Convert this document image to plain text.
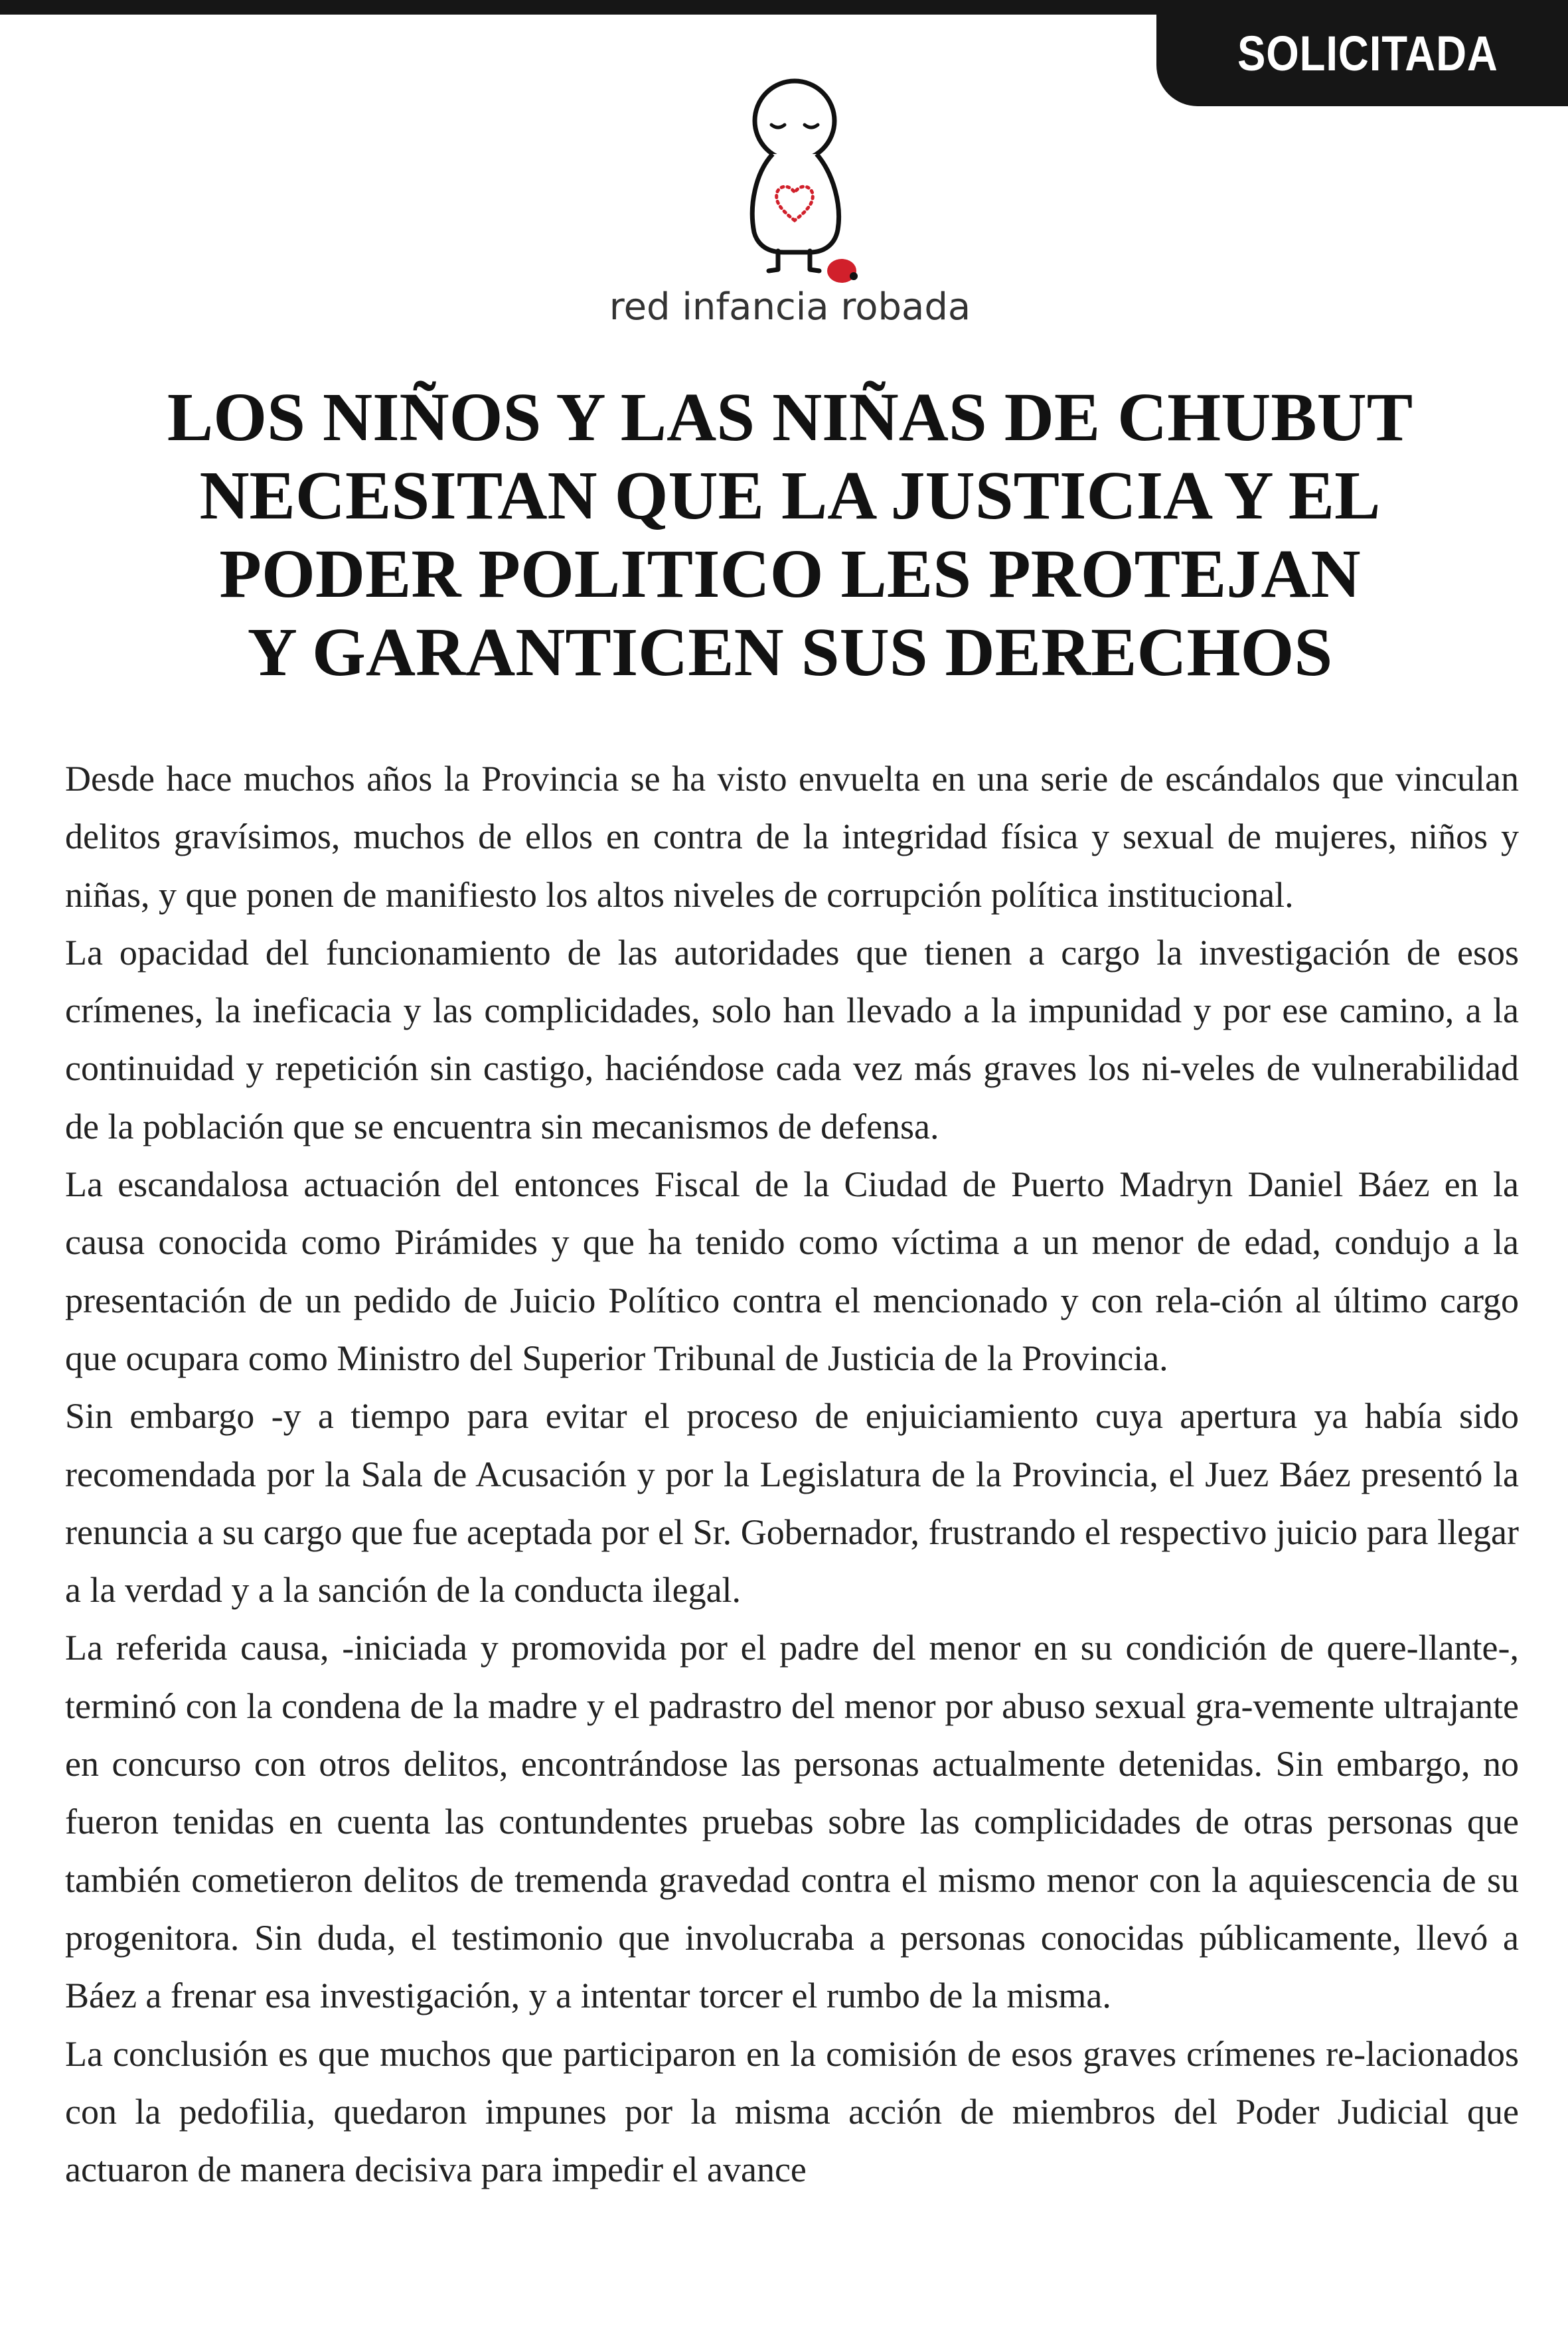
SOLICITADA
red infancia robada
LOS NIÑOS Y LAS NIÑAS DE CHUBUT
NECESITAN QUE LA JUSTICIA Y EL
PODER POLITICO LES PROTEJAN
Y GARANTICEN SUS DERECHOS

Desde hace muchos años la Provincia se ha visto envuelta en una serie de escándalos que vinculan delitos gravísimos, muchos de ellos en contra de la integridad física y sexual de mujeres, niños y niñas, y que ponen de manifiesto los altos niveles de corrupción política institucional.

La opacidad del funcionamiento de las autoridades que tienen a cargo la investigación de esos crímenes, la ineficacia y las complicidades, solo han llevado a la impunidad y por ese camino, a la continuidad y repetición sin castigo, haciéndose cada vez más graves los ni-veles de vulnerabilidad de la población que se encuentra sin mecanismos de defensa.

La escandalosa actuación del entonces Fiscal de la Ciudad de Puerto Madryn Daniel Báez en la causa conocida como Pirámides y que ha tenido como víctima a un menor de edad, condujo a la presentación de un pedido de Juicio Político contra el mencionado y con rela-ción al último cargo que ocupara como Ministro del Superior Tribunal de Justicia de la Provincia.

Sin embargo -y a tiempo para evitar el proceso de enjuiciamiento cuya apertura ya había sido recomendada por la Sala de Acusación y por la Legislatura de la Provincia, el Juez Báez presentó la renuncia a su cargo que fue aceptada por el Sr. Gobernador, frustrando el respectivo juicio para llegar a la verdad y a la sanción de la conducta ilegal.

La referida causa, -iniciada y promovida por el padre del menor en su condición de quere-llante-, terminó con la condena de la madre y el padrastro del menor por abuso sexual gra-vemente ultrajante en concurso con otros delitos, encontrándose las personas actualmente detenidas. Sin embargo, no fueron tenidas en cuenta las contundentes pruebas sobre las complicidades de otras personas que también cometieron delitos de tremenda gravedad contra el mismo menor con la aquiescencia de su progenitora. Sin duda, el testimonio que involucraba a personas conocidas públicamente, llevó a Báez a frenar esa investigación, y a intentar torcer el rumbo de la misma.

La conclusión es que muchos que participaron en la comisión de esos graves crímenes re-lacionados con la pedofilia, quedaron impunes por la misma acción de miembros del Poder Judicial que actuaron de manera decisiva para impedir el avance
